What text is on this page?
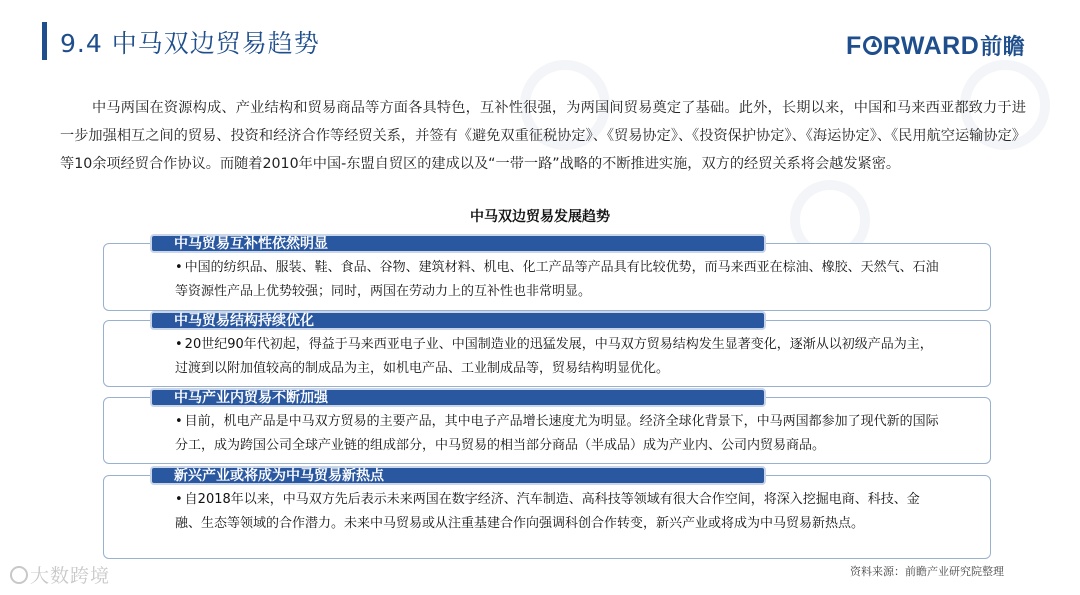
9.4 中马双边贸易趋势	F RWARD前瞻
中马两国在资源构成、产业结构和贸易商品等方面各具特色，互补性很强，为两国间贸易奠定了基础。此外，长期以来，中国和马来西亚都致力于进一步加强相互之间的贸易、投资和经济合作等经贸关系，并签有《避免双重征税协定》、《贸易协定》、《投资保护协定》、《海运协定》、《民用航空运输协定》等10余项经贸合作协议。而随着2010年中国-东盟自贸区的建成以及“一带一路”战略的不断推进实施，双方的经贸关系将会越发紧密。
中马双边贸易发展趋势
中马贸易互补性依然明显
• 中国的纺织品、服装、鞋、食品、谷物、建筑材料、机电、化工产品等产品具有比较优势，而马来西亚在棕油、橡胶、天然气、石油等资源性产品上优势较强；同时，两国在劳动力上的互补性也非常明显。
中马贸易结构持续优化
• 20世纪90年代初起，得益于马来西亚电子业、中国制造业的迅猛发展，中马双方贸易结构发生显著变化，逐渐从以初级产品为主，过渡到以附加值较高的制成品为主，如机电产品、工业制成品等，贸易结构明显优化。
中马产业内贸易不断加强
• 目前，机电产品是中马双方贸易的主要产品，其中电子产品增长速度尤为明显。经济全球化背景下，中马两国都参加了现代新的国际分工，成为跨国公司全球产业链的组成部分，中马贸易的相当部分商品（半成品）成为产业内、公司内贸易商品。
新兴产业或将成为中马贸易新热点
• 自2018年以来，中马双方先后表示未来两国在数字经济、汽车制造、高科技等领域有很大合作空间，将深入挖掘电商、科技、金融、生态等领域的合作潜力。未来中马贸易或从注重基建合作向强调科创合作转变，新兴产业或将成为中马贸易新热点。
资料来源：前瞻产业研究院整理
大数跨境
